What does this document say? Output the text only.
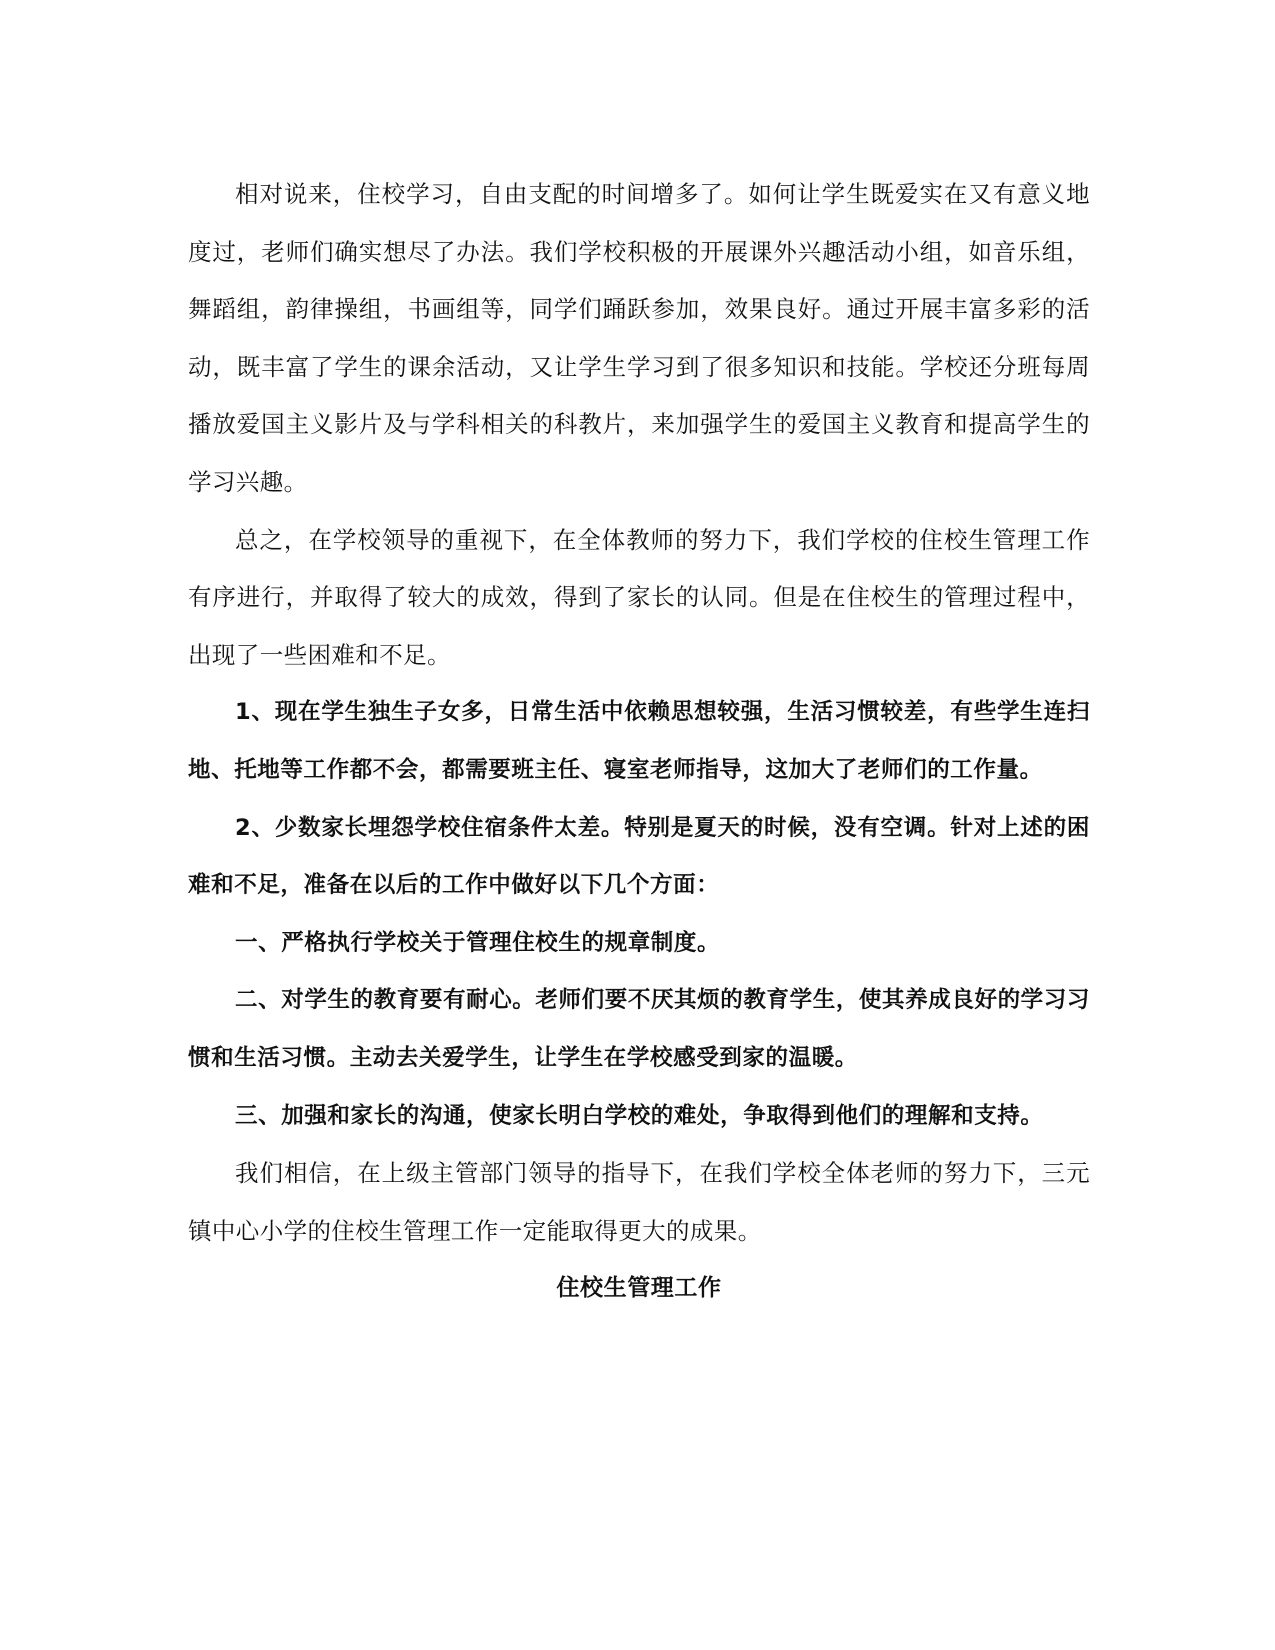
相对说来，住校学习，自由支配的时间增多了。如何让学生既爱实在又有意义地度过，老师们确实想尽了办法。我们学校积极的开展课外兴趣活动小组，如音乐组，舞蹈组，韵律操组，书画组等，同学们踊跃参加，效果良好。通过开展丰富多彩的活动，既丰富了学生的课余活动，又让学生学习到了很多知识和技能。学校还分班每周播放爱国主义影片及与学科相关的科教片，来加强学生的爱国主义教育和提高学生的学习兴趣。

总之，在学校领导的重视下，在全体教师的努力下，我们学校的住校生管理工作有序进行，并取得了较大的成效，得到了家长的认同。但是在住校生的管理过程中，出现了一些困难和不足。

1、现在学生独生子女多，日常生活中依赖思想较强，生活习惯较差，有些学生连扫地、托地等工作都不会，都需要班主任、寝室老师指导，这加大了老师们的工作量。

2、少数家长埋怨学校住宿条件太差。特别是夏天的时候，没有空调。针对上述的困难和不足，准备在以后的工作中做好以下几个方面：

一、严格执行学校关于管理住校生的规章制度。

二、对学生的教育要有耐心。老师们要不厌其烦的教育学生，使其养成良好的学习习惯和生活习惯。主动去关爱学生，让学生在学校感受到家的温暖。

三、加强和家长的沟通，使家长明白学校的难处，争取得到他们的理解和支持。

我们相信，在上级主管部门领导的指导下，在我们学校全体老师的努力下，三元镇中心小学的住校生管理工作一定能取得更大的成果。

住校生管理工作
